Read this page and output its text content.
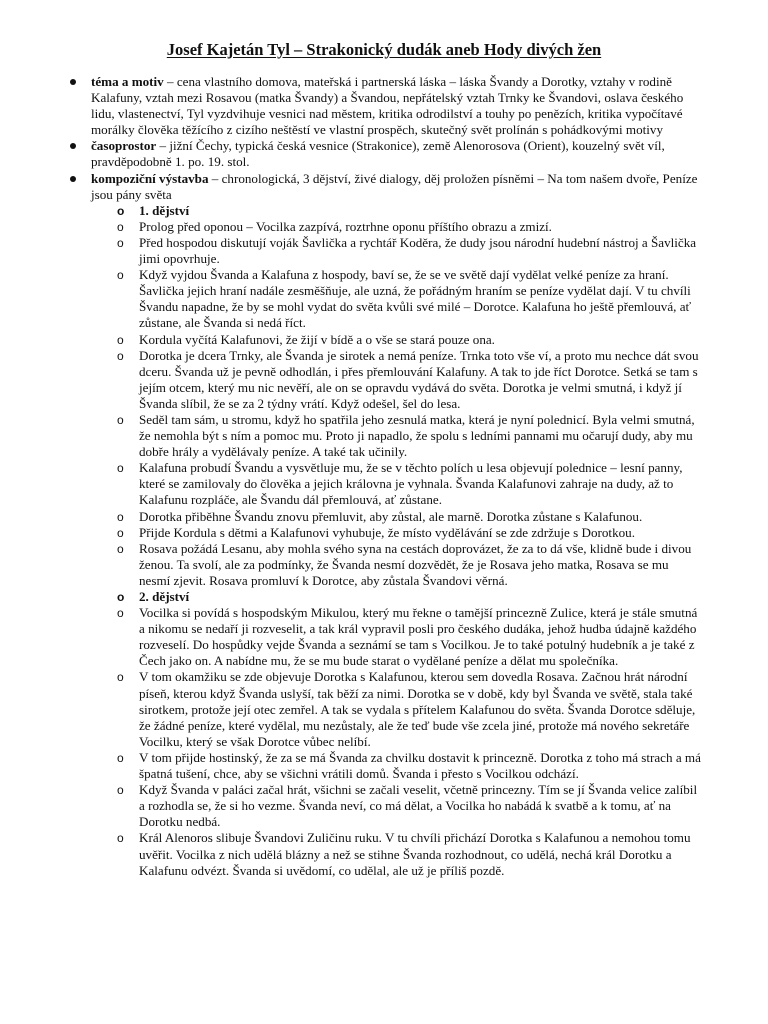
Josef Kajetán Tyl – Strakonický dudák aneb Hody divých žen
téma a motiv – cena vlastního domova, mateřská i partnerská láska – láska Švandy a Dorotky, vztahy v rodině Kalafuny, vztah mezi Rosavou (matka Švandy) a Švandou, nepřátelský vztah Trnky ke Švandovi, oslava českého lidu, vlastenectví, Tyl vyzdvihuje vesnici nad městem, kritika odrodilství a touhy po penězích, kritika vypočítavé morálky člověka těžícího z cizího neštěstí ve vlastní prospěch, skutečný svět prolínán s pohádkovými motivy
časoprostor – jižní Čechy, typická česká vesnice (Strakonice), země Alenorosova (Orient), kouzelný svět víl, pravděpodobně 1. po. 19. stol.
kompoziční výstavba – chronologická, 3 dějství, živé dialogy, děj proložen písněmi – Na tom našem dvoře, Peníze jsou pány světa
o 1. dějství
o Prolog před oponou – Vocilka zazpívá, roztrhne oponu příštího obrazu a zmizí.
o Před hospodou diskutují voják Šavlička a rychtář Koděra, že dudy jsou národní hudební nástroj a Šavlička jimi opovrhuje.
o Když vyjdou Švanda a Kalafuna z hospody, baví se, že se ve světě dají vydělat velké peníze za hraní. Šavlička jejich hraní nadále zesměšňuje, ale uzná, že pořádným hraním se peníze vydělat dají. V tu chvíli Švandu napadne, že by se mohl vydat do světa kvůli své milé – Dorotce. Kalafuna ho ještě přemlouvá, ať zůstane, ale Švanda si nedá říct.
o Kordula vyčítá Kalafunovi, že žijí v bídě a o vše se stará pouze ona.
o Dorotka je dcera Trnky, ale Švanda je sirotek a nemá peníze. Trnka toto vše ví, a proto mu nechce dát svou dceru. Švanda už je pevně odhodlán, i přes přemlouvání Kalafuny. A tak to jde říct Dorotce. Setká se tam s jejím otcem, který mu nic nevěří, ale on se opravdu vydává do světa. Dorotka je velmi smutná, i když jí Švanda slíbil, že se za 2 týdny vrátí. Když odešel, šel do lesa.
o Seděl tam sám, u stromu, když ho spatřila jeho zesnulá matka, která je nyní polednicí. Byla velmi smutná, že nemohla být s ním a pomoc mu. Proto ji napadlo, že spolu s ledními pannami mu očarují dudy, aby mu dobře hrály a vydělávaly peníze. A také tak učinily.
o Kalafuna probudí Švandu a vysvětluje mu, že se v těchto polích u lesa objevují polednice – lesní panny, které se zamilovaly do člověka a jejich královna je vyhnala. Švanda Kalafunovi zahraje na dudy, až to Kalafunu rozpláče, ale Švandu dál přemlouvá, ať zůstane.
o Dorotka přiběhne Švandu znovu přemluvit, aby zůstal, ale marně. Dorotka zůstane s Kalafunou.
o Přijde Kordula s dětmi a Kalafunovi vyhubuje, že místo vydělávání se zde zdržuje s Dorotkou.
o Rosava požádá Lesanu, aby mohla svého syna na cestách doprovázet, že za to dá vše, klidně bude i divou ženou. Ta svolí, ale za podmínky, že Švanda nesmí dozvědět, že je Rosava jeho matka, Rosava se mu nesmí zjevit. Rosava promluví k Dorotce, aby zůstala Švandovi věrná.
o 2. dějství
o Vocilka si povídá s hospodským Mikulou, který mu řekne o tamější princezně Zulice, která je stále smutná a nikomu se nedaří ji rozveselit, a tak král vypravil posli pro českého dudáka, jehož hudba údajně každého rozveselí. Do hospůdky vejde Švanda a seznámí se tam s Vocilkou. Je to také potulný hudebník a je také z Čech jako on. A nabídne mu, že se mu bude starat o vydělané peníze a dělat mu společníka.
o V tom okamžiku se zde objevuje Dorotka s Kalafunou, kterou sem dovedla Rosava. Začnou hrát národní píseň, kterou když Švanda uslyší, tak běží za nimi. Dorotka se v době, kdy byl Švanda ve světě, stala také sirotkem, protože její otec zemřel. A tak se vydala s přítelem Kalafunou do světa. Švanda Dorotce sděluje, že žádné peníze, které vydělal, mu nezůstaly, ale že teď bude vše zcela jiné, protože má nového sekretáře Vocilku, který se však Dorotce vůbec nelíbí.
o V tom přijde hostinský, že za se má Švanda za chvilku dostavit k princezně. Dorotka z toho má strach a má špatná tušení, chce, aby se všichni vrátili domů. Švanda i přesto s Vocilkou odchází.
o Když Švanda v paláci začal hrát, všichni se začali veselit, včetně princezny. Tím se jí Švanda velice zalíbil a rozhodla se, že si ho vezme. Švanda neví, co má dělat, a Vocilka ho nabádá k svatbě a k tomu, ať na Dorotku nedbá.
o Král Alenoros slibuje Švandovi Zuličinu ruku. V tu chvíli přichází Dorotka s Kalafunou a nemohou tomu uvěřit. Vocilka z nich udělá blázny a než se stihne Švanda rozhodnout, co udělá, nechá král Dorotku a Kalafunu odvézt. Švanda si uvědomí, co udělal, ale už je příliš pozdě.
